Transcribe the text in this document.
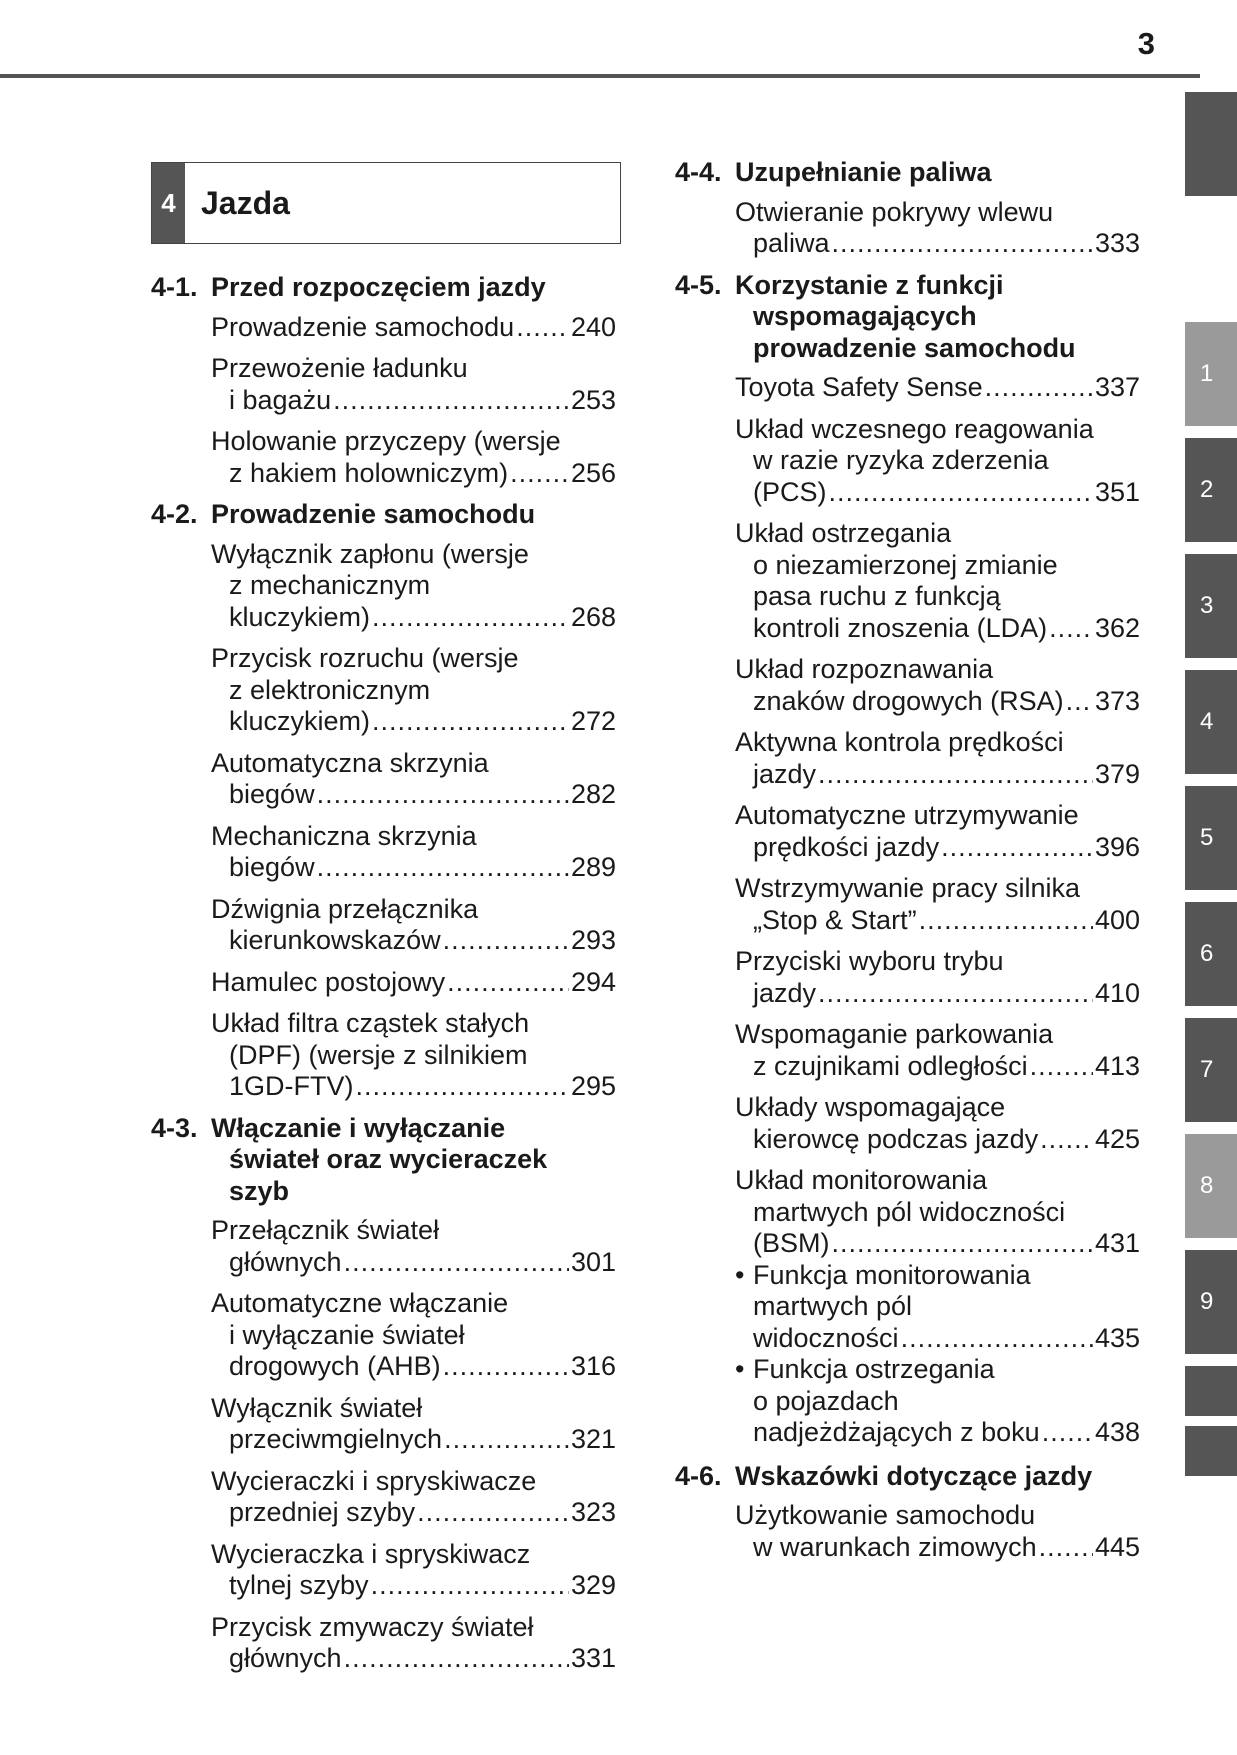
3
1
2
3
4
5
6
7
8
9
4 Jazda
4-1. Przed rozpoczęciem jazdy
Prowadzenie samochodu ..... 240
Przewożenie ładunku
i bagażu .....	253
Holowanie przyczepy (wersje
z hakiem holowniczym) ..... 256
4-2. Prowadzenie samochodu
Wyłącznik zapłonu (wersje
z mechanicznym
kluczykiem) .....	268
Przycisk rozruchu (wersje
z elektronicznym
kluczykiem) .....	272
Automatyczna skrzynia
biegów .....	282
Mechaniczna skrzynia
biegów .....	289
Dźwignia przełącznika
kierunkowskazów .....	293
Hamulec postojowy .....	294
Układ filtra cząstek stałych
(DPF) (wersje z silnikiem
1GD-FTV) .....	295
4-3. Włączanie i wyłączanie
świateł oraz wycieraczek
szyb
Przełącznik świateł
głównych .....	301
Automatyczne włączanie
i wyłączanie świateł
drogowych (AHB) .....	316
Wyłącznik świateł
przeciwmgielnych .....	321
Wycieraczki i spryskiwacze
przedniej szyby .....	323
Wycieraczka i spryskiwacz
tylnej szyby .....	329
Przycisk zmywaczy świateł
głównych .....	331
4-4. Uzupełnianie paliwa
Otwieranie pokrywy wlewu
paliwa .....	333
4-5. Korzystanie z funkcji
wspomagających
prowadzenie samochodu
Toyota Safety Sense .....	337
Układ wczesnego reagowania
w razie ryzyka zderzenia
(PCS) .....	351
Układ ostrzegania
o niezamierzonej zmianie
pasa ruchu z funkcją
kontroli znoszenia (LDA) ..... 362
Układ rozpoznawania
znaków drogowych (RSA) ..... 373
Aktywna kontrola prędkości
jazdy .....	379
Automatyczne utrzymywanie
prędkości jazdy .....	396
Wstrzymywanie pracy silnika
„Stop & Start” .....	400
Przyciski wyboru trybu
jazdy .....	410
Wspomaganie parkowania
z czujnikami odległości ..... 413
Układy wspomagające
kierowcę podczas jazdy ..... 425
Układ monitorowania
martwych pól widoczności
(BSM) .....	431
• Funkcja monitorowania
martwych pól
widoczności .....	435
• Funkcja ostrzegania
o pojazdach
nadjeżdżających z boku ..... 438
4-6. Wskazówki dotyczące jazdy
Użytkowanie samochodu
w warunkach zimowych ..... 445
